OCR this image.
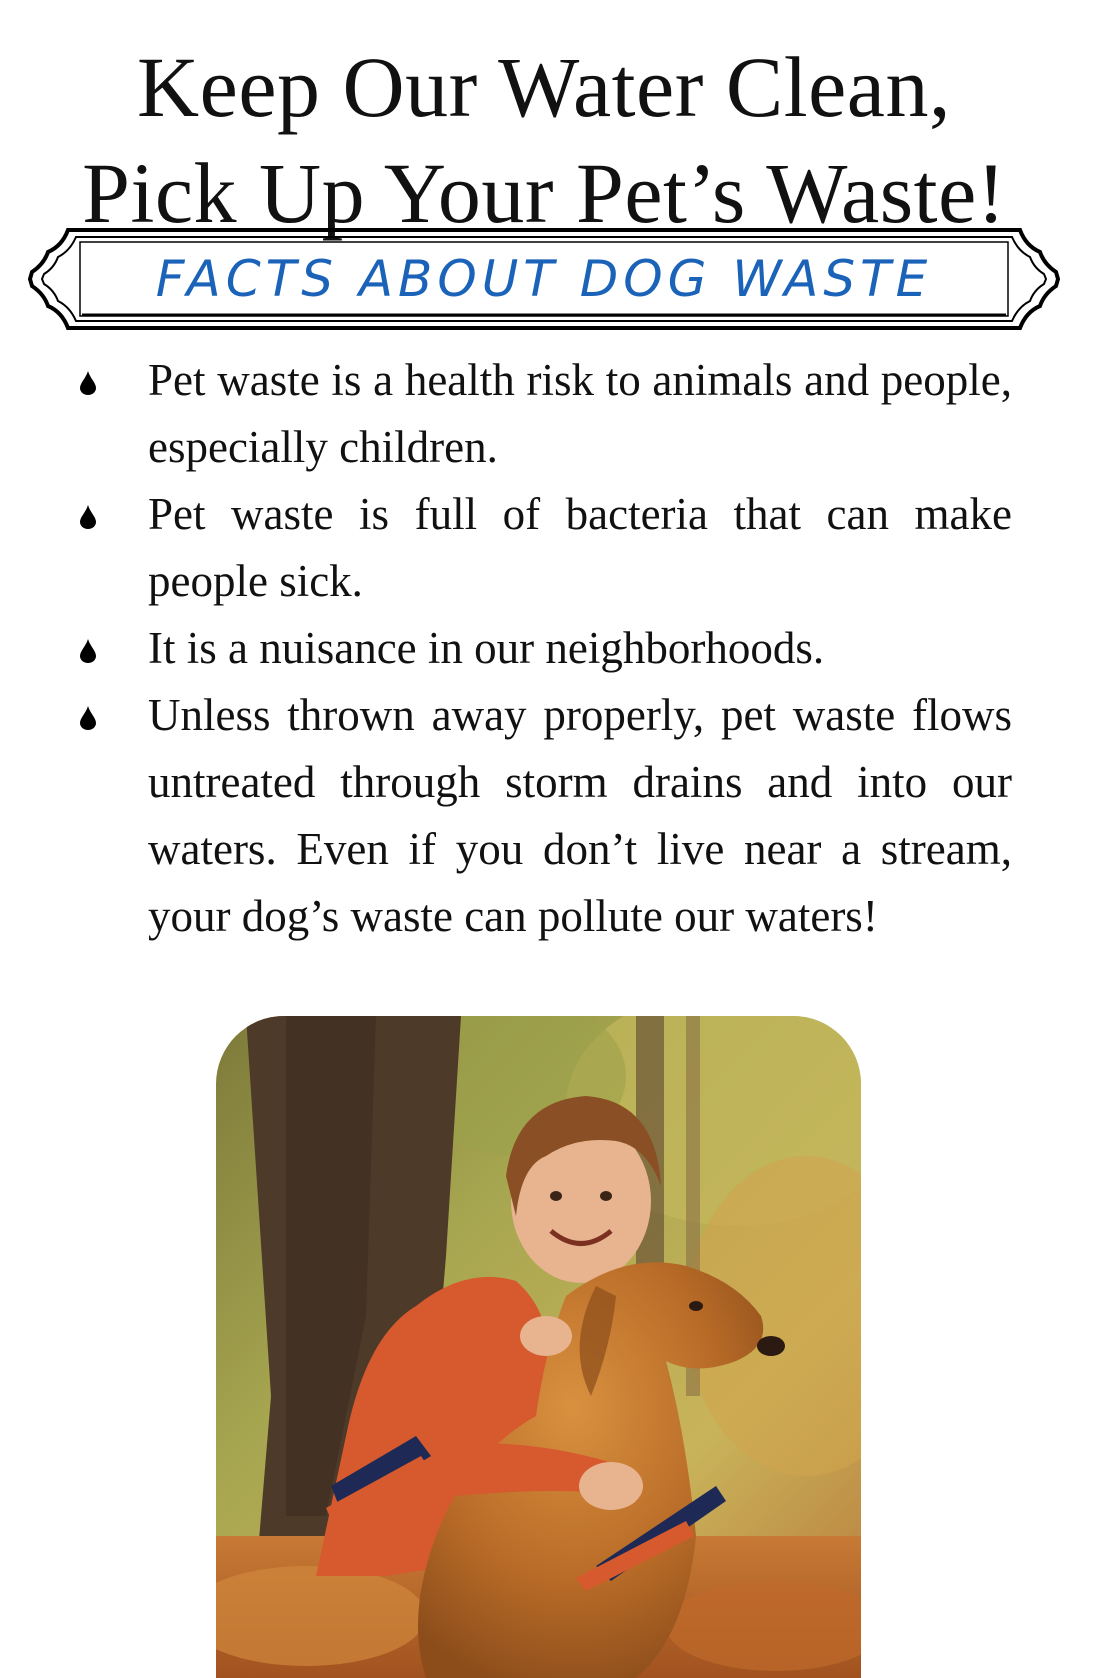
Keep Our Water Clean,
Pick Up Your Pet’s Waste!
FACTS ABOUT DOG WASTE
Pet waste is a health risk to animals and people, especially children.
Pet waste is full of bacteria that can make people sick.
It is a nuisance in our neighborhoods.
Unless thrown away properly, pet waste flows untreated through storm drains and into our waters. Even if you don’t live near a stream, your dog’s waste can pollute our waters!
